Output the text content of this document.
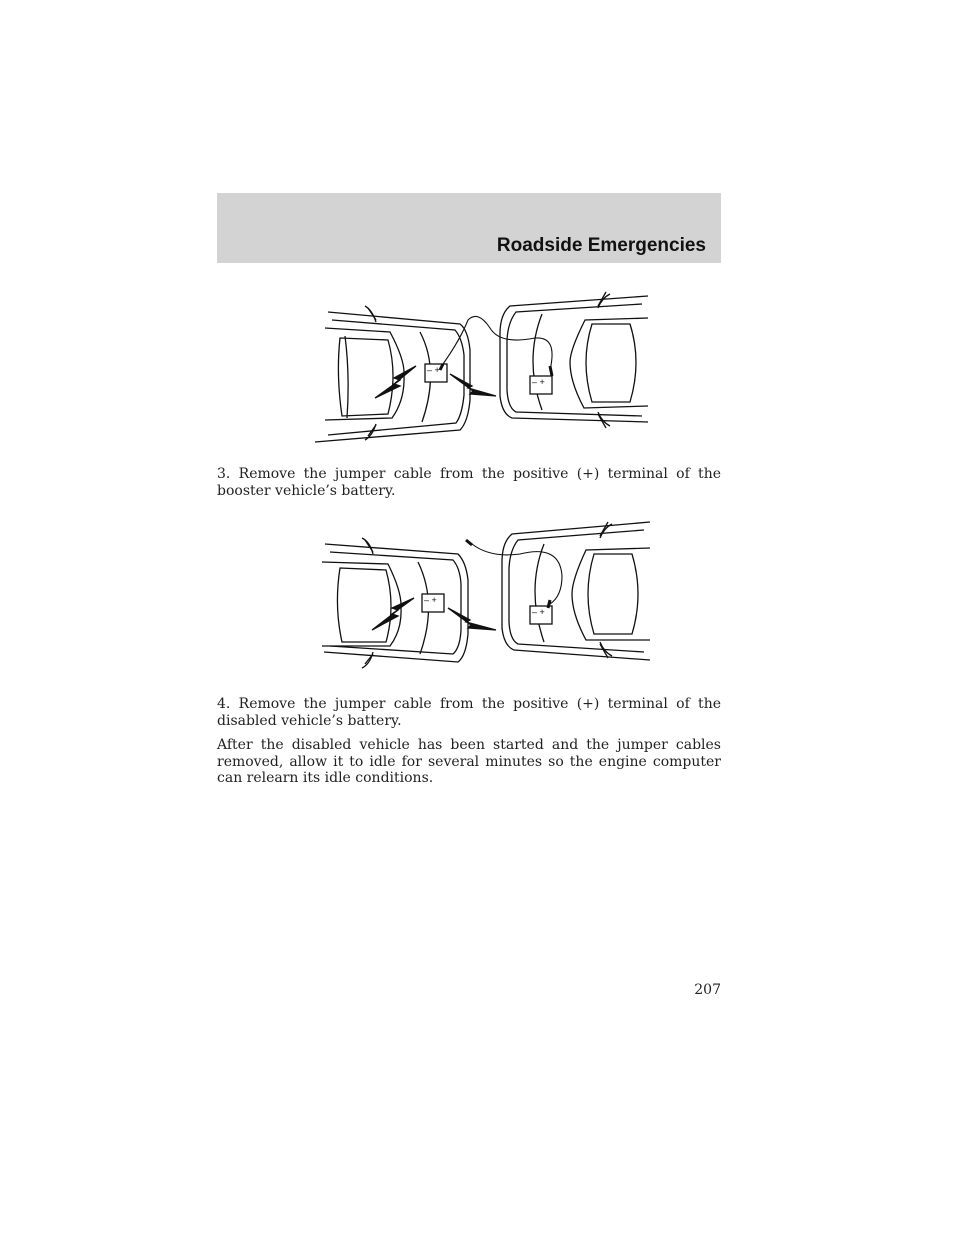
Roadside Emergencies
– +
– +

3. Remove the jumper cable from the positive (+) terminal of the booster vehicle’s battery.

– +
– +

4. Remove the jumper cable from the positive (+) terminal of the disabled vehicle’s battery.

After the disabled vehicle has been started and the jumper cables removed, allow it to idle for several minutes so the engine computer can relearn its idle conditions.

207
